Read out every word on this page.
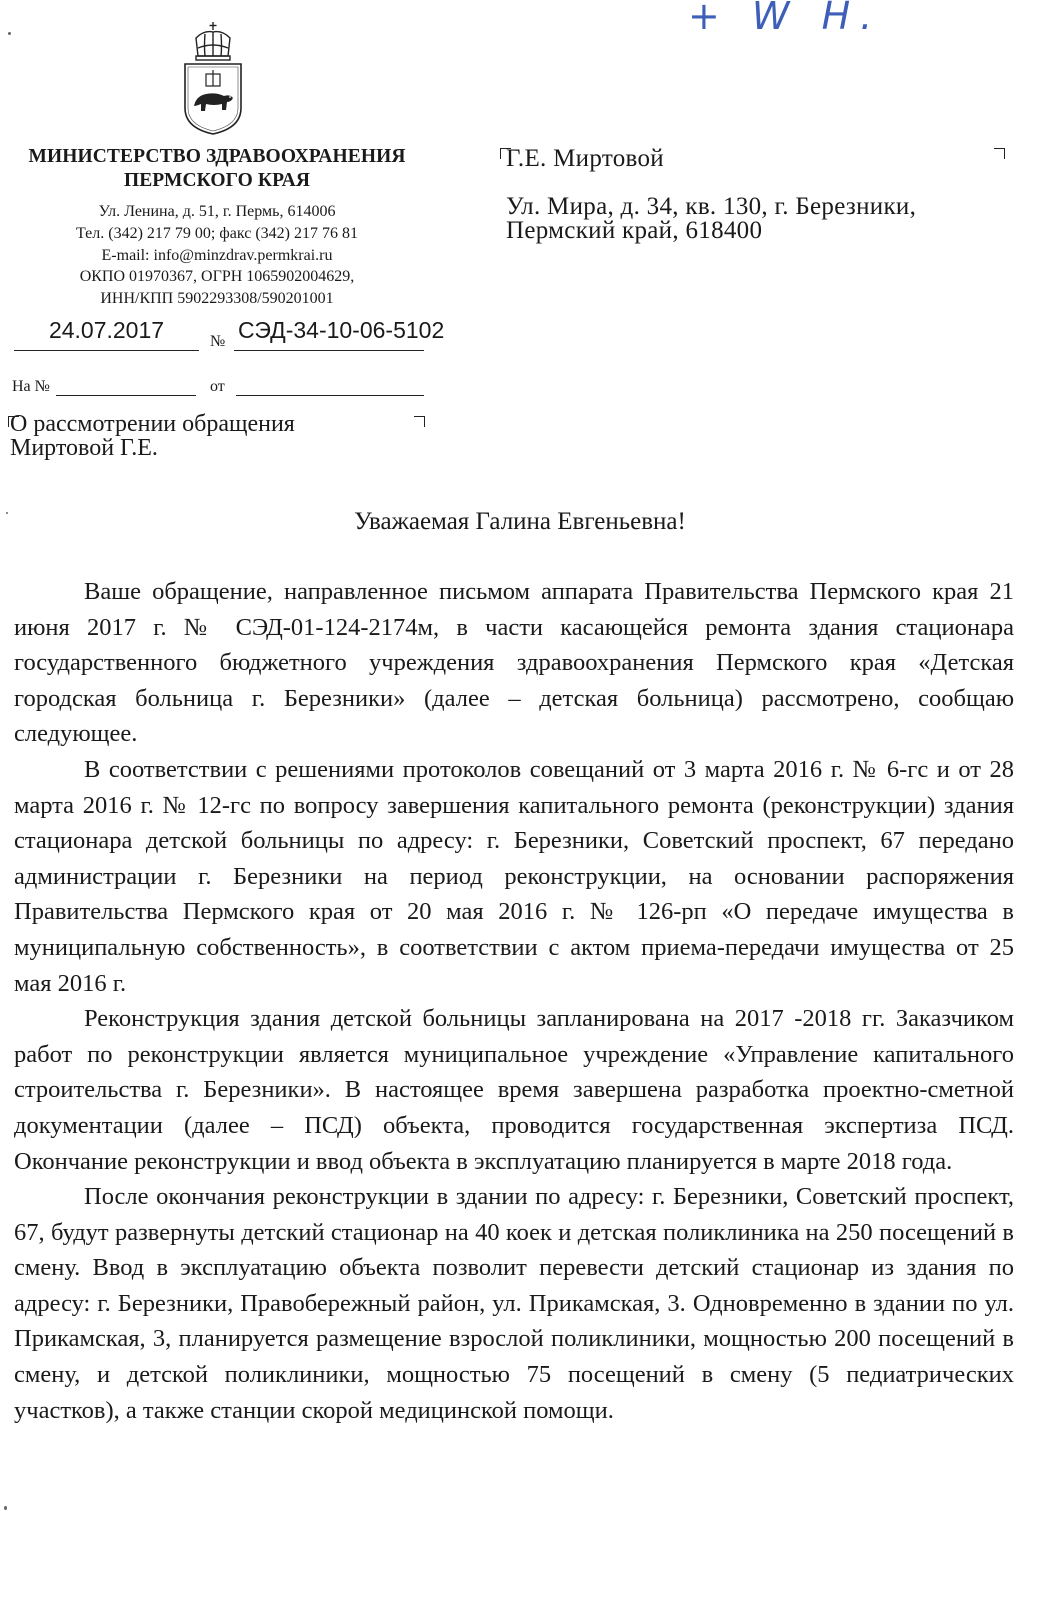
+ W Н.
МИНИСТЕРСТВО ЗДРАВООХРАНЕНИЯ
ПЕРМСКОГО КРАЯ
Ул. Ленина, д. 51, г. Пермь, 614006
Тел. (342) 217 79 00; факс (342) 217 76 81
E-mail: info@minzdrav.permkrai.ru
ОКПО 01970367, ОГРН 1065902004629,
ИНН/КПП 5902293308/590201001
24.07.2017	№ СЭД-34-10-06-5102
На №	от
О рассмотрении обращения
Миртовой Г.Е.
Г.Е. Миртовой
Ул. Мира, д. 34, кв. 130, г. Березники,
Пермский край, 618400
Уважаемая Галина Евгеньевна!

Ваше обращение, направленное письмом аппарата Правительства Пермского края 21 июня 2017 г. № СЭД-01-124-2174м, в части касающейся ремонта здания стационара государственного бюджетного учреждения здравоохранения Пермского края «Детская городская больница г. Березники» (далее – детская больница) рассмотрено, сообщаю следующее.

В соответствии с решениями протоколов совещаний от 3 марта 2016 г. № 6-гс и от 28 марта 2016 г. № 12-гс по вопросу завершения капитального ремонта (реконструкции) здания стационара детской больницы по адресу: г. Березники, Советский проспект, 67 передано администрации г. Березники на период реконструкции, на основании распоряжения Правительства Пермского края от 20 мая 2016 г. № 126-рп «О передаче имущества в муниципальную собственность», в соответствии с актом приема-передачи имущества от 25 мая 2016 г.

Реконструкция здания детской больницы запланирована на 2017 -2018 гг. Заказчиком работ по реконструкции является муниципальное учреждение «Управление капитального строительства г. Березники». В настоящее время завершена разработка проектно-сметной документации (далее – ПСД) объекта, проводится государственная экспертиза ПСД. Окончание реконструкции и ввод объекта в эксплуатацию планируется в марте 2018 года.

После окончания реконструкции в здании по адресу: г. Березники, Советский проспект, 67, будут развернуты детский стационар на 40 коек и детская поликлиника на 250 посещений в смену. Ввод в эксплуатацию объекта позволит перевести детский стационар из здания по адресу: г. Березники, Правобережный район, ул. Прикамская, 3. Одновременно в здании по ул. Прикамская, 3, планируется размещение взрослой поликлиники, мощностью 200 посещений в смену, и детской поликлиники, мощностью 75 посещений в смену (5 педиатрических участков), а также станции скорой медицинской помощи.
